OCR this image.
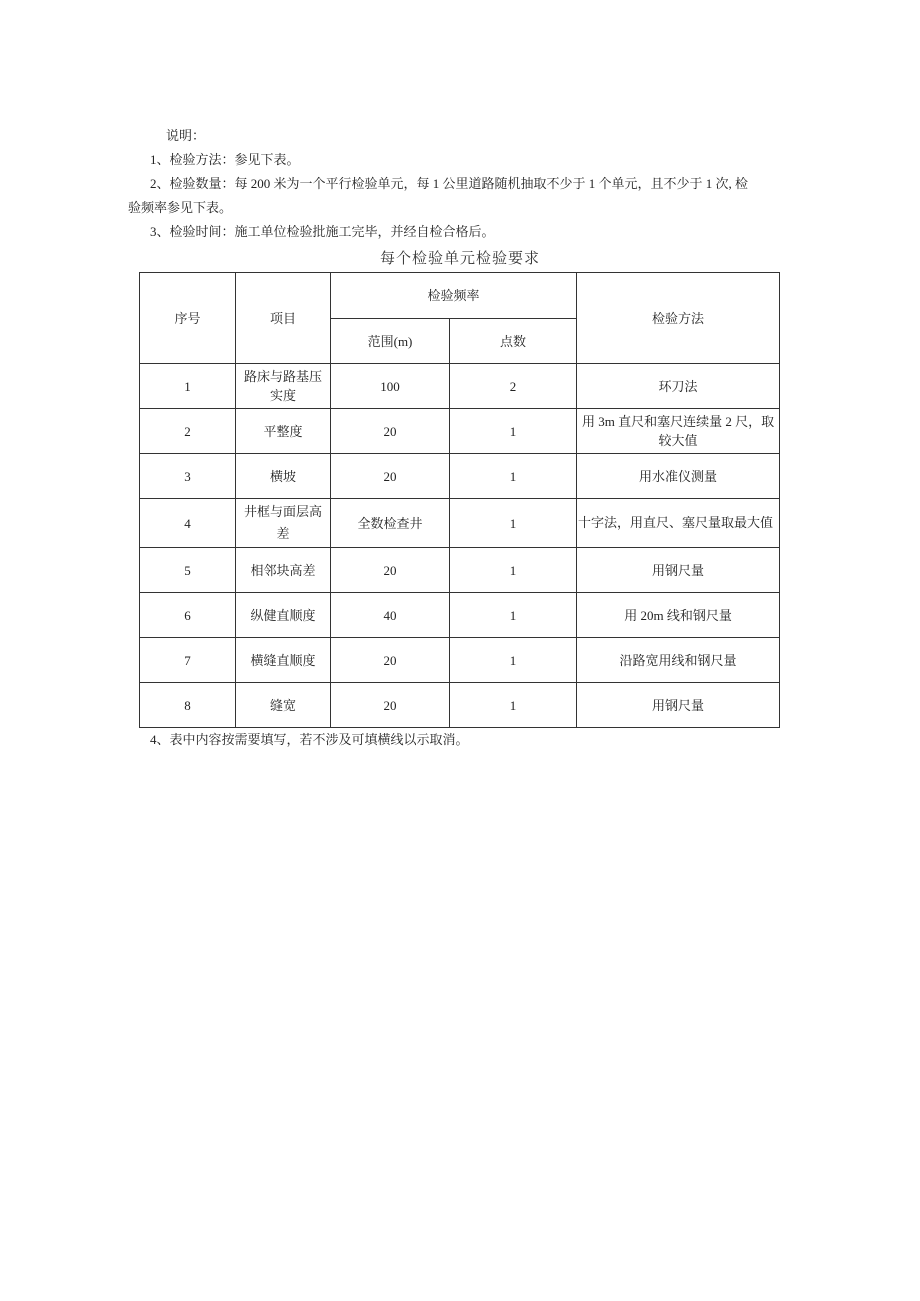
说明：

1、检验方法：参见下表。

2、检验数量：每 200 米为一个平行检验单元，每 1 公里道路随机抽取不少于 1 个单元，且不少于 1 次, 检

验频率参见下表。

3、检验时间：施工单位检验批施工完毕，并经自检合格后。

每个检验单元检验要求
序号	项目	检验频率		检验方法
		范围(m)	点数	
1	路床与路基压实度	100	2	环刀法
2	平整度	20	1	用 3m 直尺和塞尺连续量 2 尺，取较大值
3	横坡	20	1	用水准仪测量
4	井框与面层高差	全数检查井	1	十字法，用直尺、塞尺量取最大值
5	相邻块高差	20	1	用钢尺量
6	纵健直顺度	40	1	用 20m 线和钢尺量
7	横缝直顺度	20	1	沿路宽用线和钢尺量
8	缝宽	20	1	用钢尺量
4、表中内容按需要填写，若不涉及可填横线以示取消。
